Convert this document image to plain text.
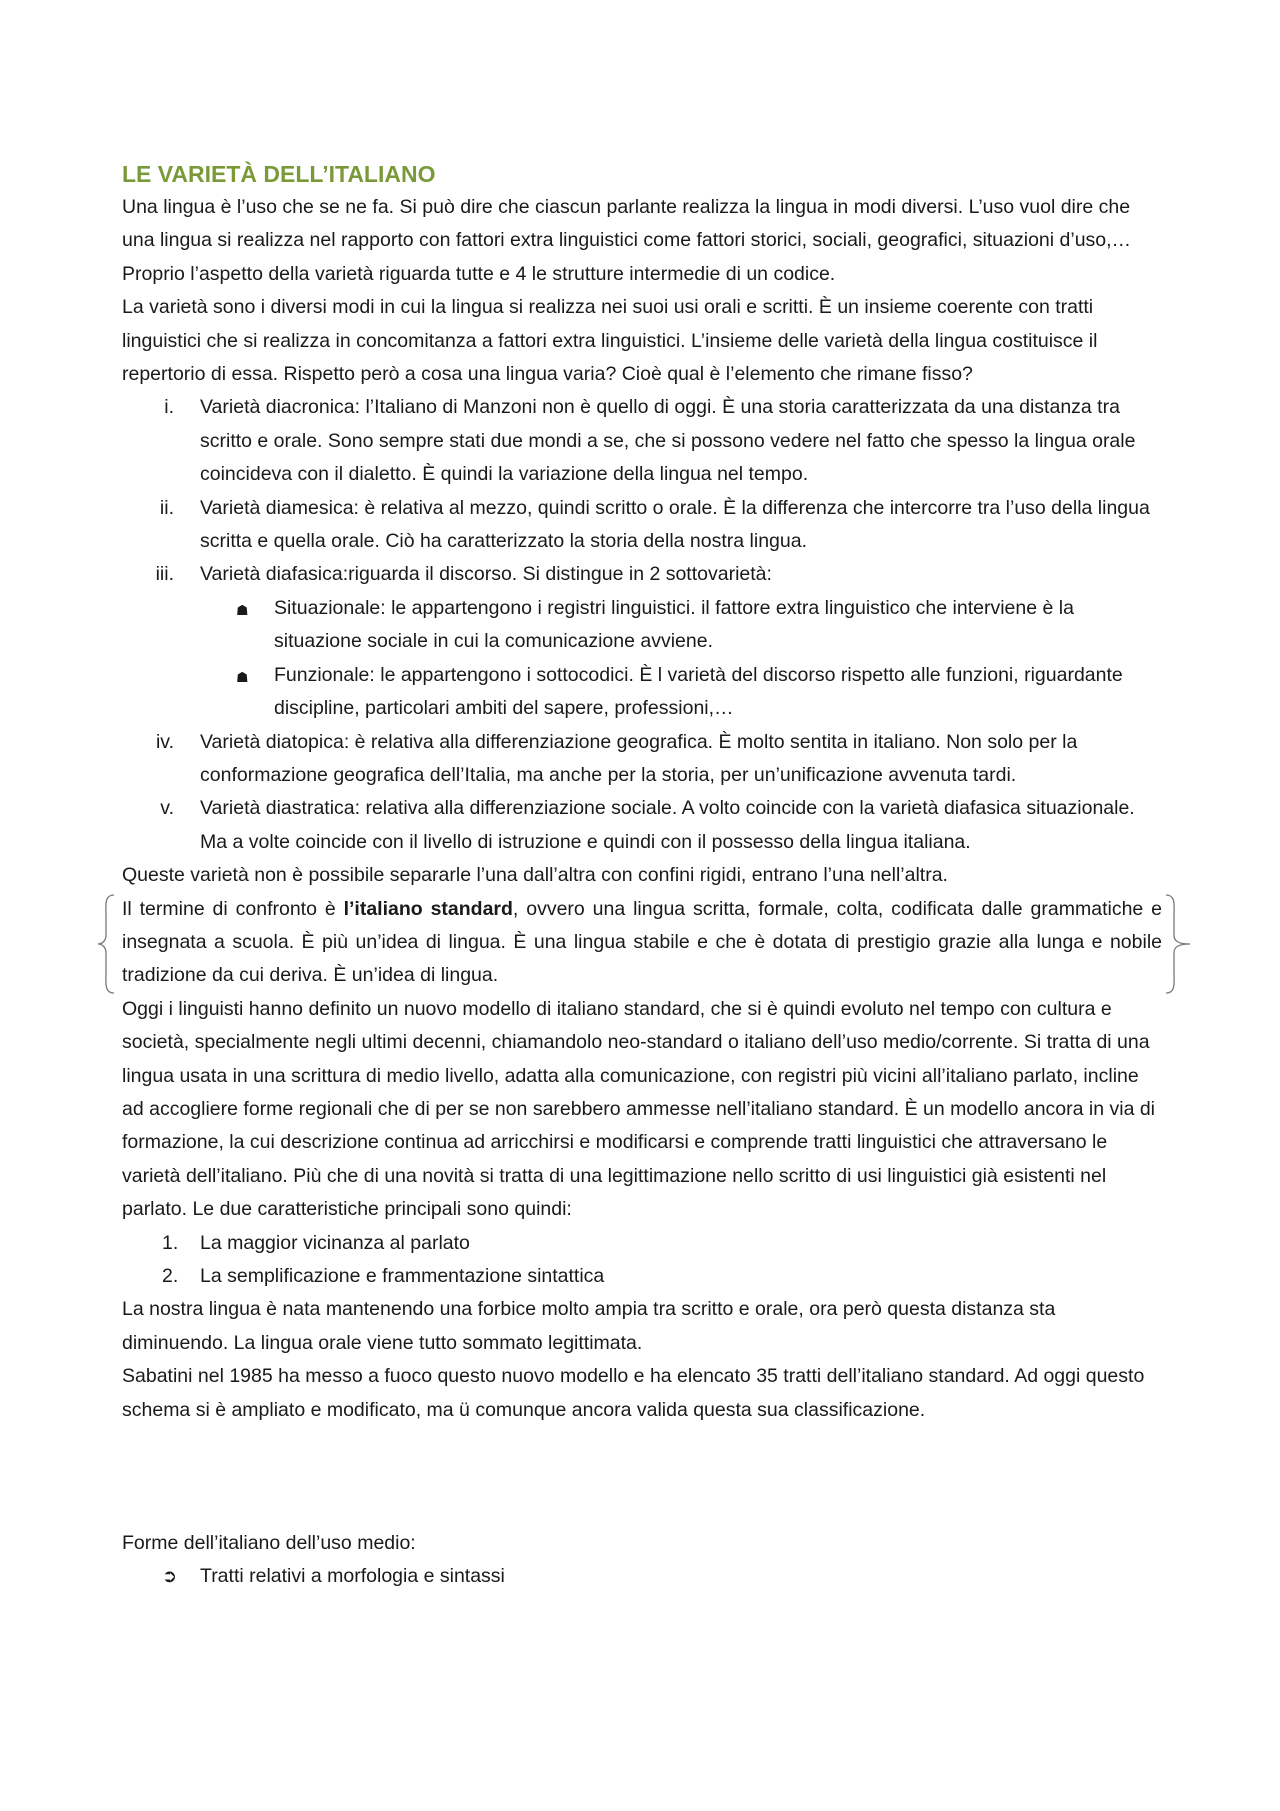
LE VARIETÀ DELL’ITALIANO

Una lingua è l’uso che se ne fa. Si può dire che ciascun parlante realizza la lingua in modi diversi. L’uso vuol dire che una lingua si realizza nel rapporto con fattori extra linguistici come fattori storici, sociali, geografici, situazioni d’uso,… Proprio l’aspetto della varietà riguarda tutte e 4 le strutture intermedie di un codice.

La varietà sono i diversi modi in cui la lingua si realizza nei suoi usi orali e scritti. È un insieme coerente con tratti linguistici che si realizza in concomitanza a fattori extra linguistici. L’insieme delle varietà della lingua costituisce il repertorio di essa. Rispetto però a cosa una lingua varia? Cioè qual è l’elemento che rimane fisso?

i.	Varietà diacronica: l’Italiano di Manzoni non è quello di oggi. È una storia caratterizzata da una distanza tra scritto e orale. Sono sempre stati due mondi a se, che si possono vedere nel fatto che spesso la lingua orale coincideva con il dialetto. È quindi la variazione della lingua nel tempo.
ii.	Varietà diamesica: è relativa al mezzo, quindi scritto o orale. È la differenza che intercorre tra l’uso della lingua scritta e quella orale. Ciò ha caratterizzato la storia della nostra lingua.
iii.	Varietà diafasica:riguarda il discorso. Si distingue in 2 sottovarietà:
☗	Situazionale: le appartengono i registri linguistici. il fattore extra linguistico che interviene è la situazione sociale in cui la comunicazione avviene.
☗	Funzionale: le appartengono i sottocodici. È l varietà del discorso rispetto alle funzioni, riguardante discipline, particolari ambiti del sapere, professioni,…
iv.	Varietà diatopica: è relativa alla differenziazione geografica. È molto sentita in italiano. Non solo per la conformazione geografica dell’Italia, ma anche per la storia, per un’unificazione avvenuta tardi.
v.	Varietà diastratica: relativa alla differenziazione sociale. A volto coincide con la varietà diafasica situazionale. Ma a volte coincide con il livello di istruzione e quindi con il possesso della lingua italiana.

Queste varietà non è possibile separarle l’una dall’altra con confini rigidi, entrano l’una nell’altra.

Il termine di confronto è l’italiano standard, ovvero una lingua scritta, formale, colta, codificata dalle grammatiche e insegnata a scuola. È più un’idea di lingua. È una lingua stabile e che è dotata di prestigio grazie alla lunga e nobile tradizione da cui deriva. È un’idea di lingua.

Oggi i linguisti hanno definito un nuovo modello di italiano standard, che si è quindi evoluto nel tempo con cultura e società, specialmente negli ultimi decenni, chiamandolo neo-standard o italiano dell’uso medio/corrente. Si tratta di una lingua usata in una scrittura di medio livello, adatta alla comunicazione, con registri più vicini all’italiano parlato, incline ad accogliere forme regionali che di per se non sarebbero ammesse nell’italiano standard. È un modello ancora in via di formazione, la cui descrizione continua ad arricchirsi e modificarsi e comprende tratti linguistici che attraversano le varietà dell’italiano. Più che di una novità si tratta di una legittimazione nello scritto di usi linguistici già esistenti nel parlato. Le due caratteristiche principali sono quindi:

1.	La maggior vicinanza al parlato
2.	La semplificazione e frammentazione sintattica

La nostra lingua è nata mantenendo una forbice molto ampia tra scritto e orale, ora però questa distanza sta diminuendo. La lingua orale viene tutto sommato legittimata.

Sabatini nel 1985 ha messo a fuoco questo nuovo modello e ha elencato 35 tratti dell’italiano standard. Ad oggi questo schema si è ampliato e modificato, ma ü comunque ancora valida questa sua classificazione.

Forme dell’italiano dell’uso medio:

➲	Tratti relativi a morfologia e sintassi
